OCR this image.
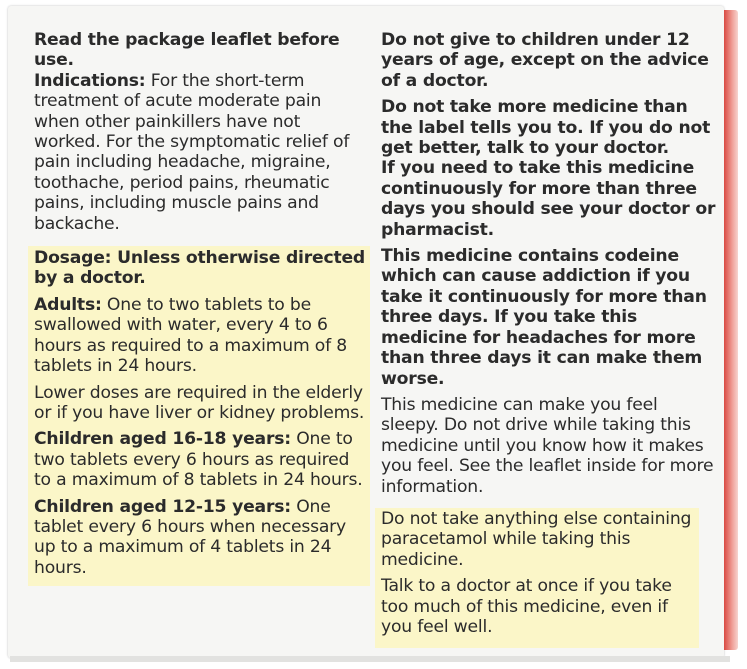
Read the package leaflet before use.

Indications: For the short-term treatment of acute moderate pain when other painkillers have not worked. For the symptomatic relief of pain including headache, migraine, toothache, period pains, rheumatic pains, including muscle pains and backache.

Dosage: Unless otherwise directed by a doctor.

Adults: One to two tablets to be swallowed with water, every 4 to 6 hours as required to a maximum of 8 tablets in 24 hours.

Lower doses are required in the elderly or if you have liver or kidney problems.

Children aged 16-18 years: One to two tablets every 6 hours as required to a maximum of 8 tablets in 24 hours.

Children aged 12-15 years: One tablet every 6 hours when necessary up to a maximum of 4 tablets in 24 hours.

Do not give to children under 12 years of age, except on the advice of a doctor.

Do not take more medicine than the label tells you to. If you do not get better, talk to your doctor.

If you need to take this medicine continuously for more than three days you should see your doctor or pharmacist.

This medicine contains codeine which can cause addiction if you take it continuously for more than three days. If you take this medicine for headaches for more than three days it can make them worse.

This medicine can make you feel sleepy. Do not drive while taking this medicine until you know how it makes you feel. See the leaflet inside for more information.

Do not take anything else containing paracetamol while taking this medicine.

Talk to a doctor at once if you take too much of this medicine, even if you feel well.
